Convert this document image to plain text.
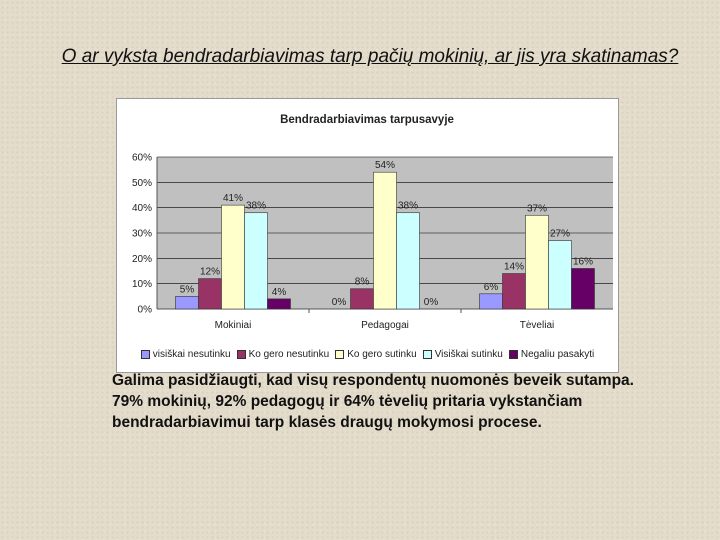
O ar vyksta bendradarbiavimas tarp pačių mokinių, ar jis yra skatinamas?
Bendradarbiavimas tarpusavyje
0%
10%
20%
30%
40%
50%
60%
5%
12%
41%
38%
4%
Mokiniai
0%
8%
54%
38%
0%
Pedagogai
6%
14%
37%
27%
16%
Tėveliai
visiškai nesutinku Ko gero nesutinku Ko gero sutinku Visiškai sutinku Negaliu pasakyti

Galima pasidžiaugti, kad visų respondentų nuomonės beveik sutampa. 79% mokinių, 92% pedagogų ir 64% tėvelių pritaria vykstančiam bendradarbiavimui tarp klasės draugų mokymosi procese.
